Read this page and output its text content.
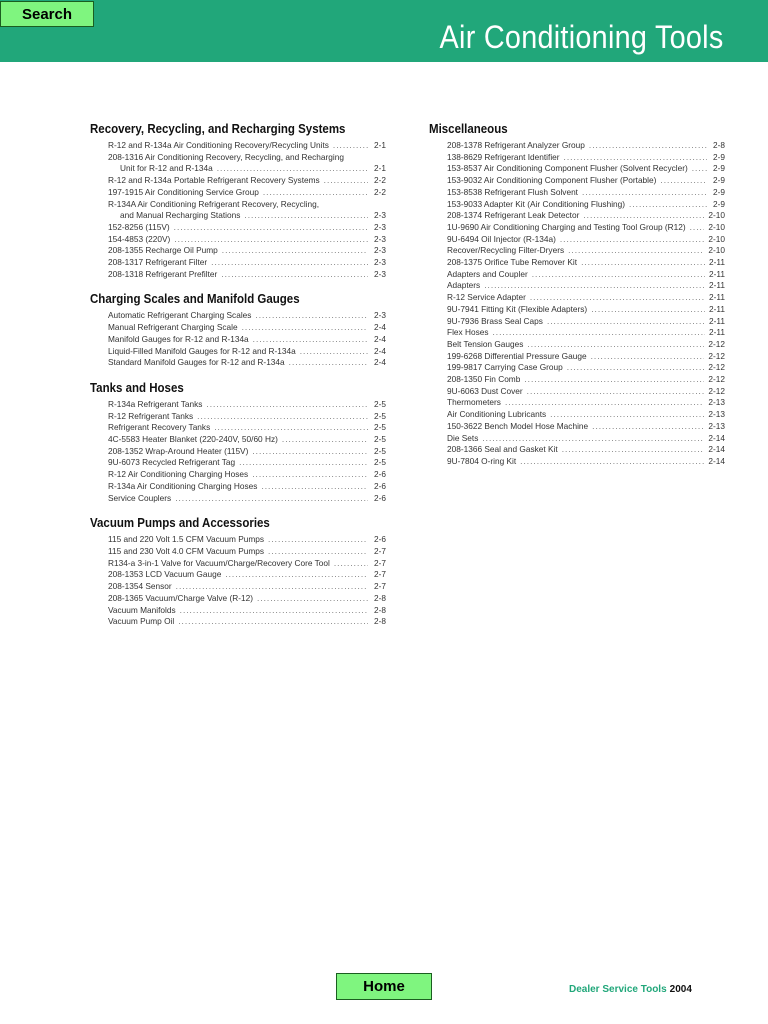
Search
Air Conditioning Tools
Recovery, Recycling, and Recharging Systems
R-12 and R-134a Air Conditioning Recovery/Recycling Units .....	2-1
208-1316 Air Conditioning Recovery, Recycling, and Recharging
Unit for R-12 and R-134a .....	2-1
R-12 and R-134a Portable Refrigerant Recovery Systems .....	2-2
197-1915 Air Conditioning Service Group .....	2-2
R-134A Air Conditioning Refrigerant Recovery, Recycling,
and Manual Recharging Stations .....	2-3
152-8256 (115V) .....	2-3
154-4853 (220V) .....	2-3
208-1355 Recharge Oil Pump .....	2-3
208-1317 Refrigerant Filter .....	2-3
208-1318 Refrigerant Prefilter .....	2-3
Charging Scales and Manifold Gauges
Automatic Refrigerant Charging Scales .....	2-3
Manual Refrigerant Charging Scale .....	2-4
Manifold Gauges for R-12 and R-134a .....	2-4
Liquid-Filled Manifold Gauges for R-12 and R-134a .....	2-4
Standard Manifold Gauges for R-12 and R-134a .....	2-4
Tanks and Hoses
R-134a Refrigerant Tanks .....	2-5
R-12 Refrigerant Tanks .....	2-5
Refrigerant Recovery Tanks .....	2-5
4C-5583 Heater Blanket (220-240V, 50/60 Hz) .....	2-5
208-1352 Wrap-Around Heater (115V) .....	2-5
9U-6073 Recycled Refrigerant Tag .....	2-5
R-12 Air Conditioning Charging Hoses .....	2-6
R-134a Air Conditioning Charging Hoses .....	2-6
Service Couplers .....	2-6
Vacuum Pumps and Accessories
115 and 220 Volt 1.5 CFM Vacuum Pumps .....	2-6
115 and 230 Volt 4.0 CFM Vacuum Pumps .....	2-7
R134-a 3-in-1 Valve for Vacuum/Charge/Recovery Core Tool .....	2-7
208-1353 LCD Vacuum Gauge .....	2-7
208-1354 Sensor .....	2-7
208-1365 Vacuum/Charge Valve (R-12) .....	2-8
Vacuum Manifolds .....	2-8
Vacuum Pump Oil .....	2-8
Miscellaneous
208-1378 Refrigerant Analyzer Group .....	2-8
138-8629 Refrigerant Identifier .....	2-9
153-8537 Air Conditioning Component Flusher (Solvent Recycler) .....	2-9
153-9032 Air Conditioning Component Flusher (Portable) .....	2-9
153-8538 Refrigerant Flush Solvent .....	2-9
153-9033 Adapter Kit (Air Conditioning Flushing) .....	2-9
208-1374 Refrigerant Leak Detector .....	2-10
1U-9690 Air Conditioning Charging and Testing Tool Group (R12) .....	2-10
9U-6494 Oil Injector (R-134a) .....	2-10
Recover/Recycling Filter-Dryers .....	2-10
208-1375 Orifice Tube Remover Kit .....	2-11
Adapters and Coupler .....	2-11
Adapters .....	2-11
R-12 Service Adapter .....	2-11
9U-7941 Fitting Kit (Flexible Adapters) .....	2-11
9U-7936 Brass Seal Caps .....	2-11
Flex Hoses .....	2-11
Belt Tension Gauges .....	2-12
199-6268 Differential Pressure Gauge .....	2-12
199-9817 Carrying Case Group .....	2-12
208-1350 Fin Comb .....	2-12
9U-6063 Dust Cover .....	2-12
Thermometers .....	2-13
Air Conditioning Lubricants .....	2-13
150-3622 Bench Model Hose Machine .....	2-13
Die Sets .....	2-14
208-1366 Seal and Gasket Kit .....	2-14
9U-7804 O-ring Kit .....	2-14
Home	Dealer Service Tools 2004
